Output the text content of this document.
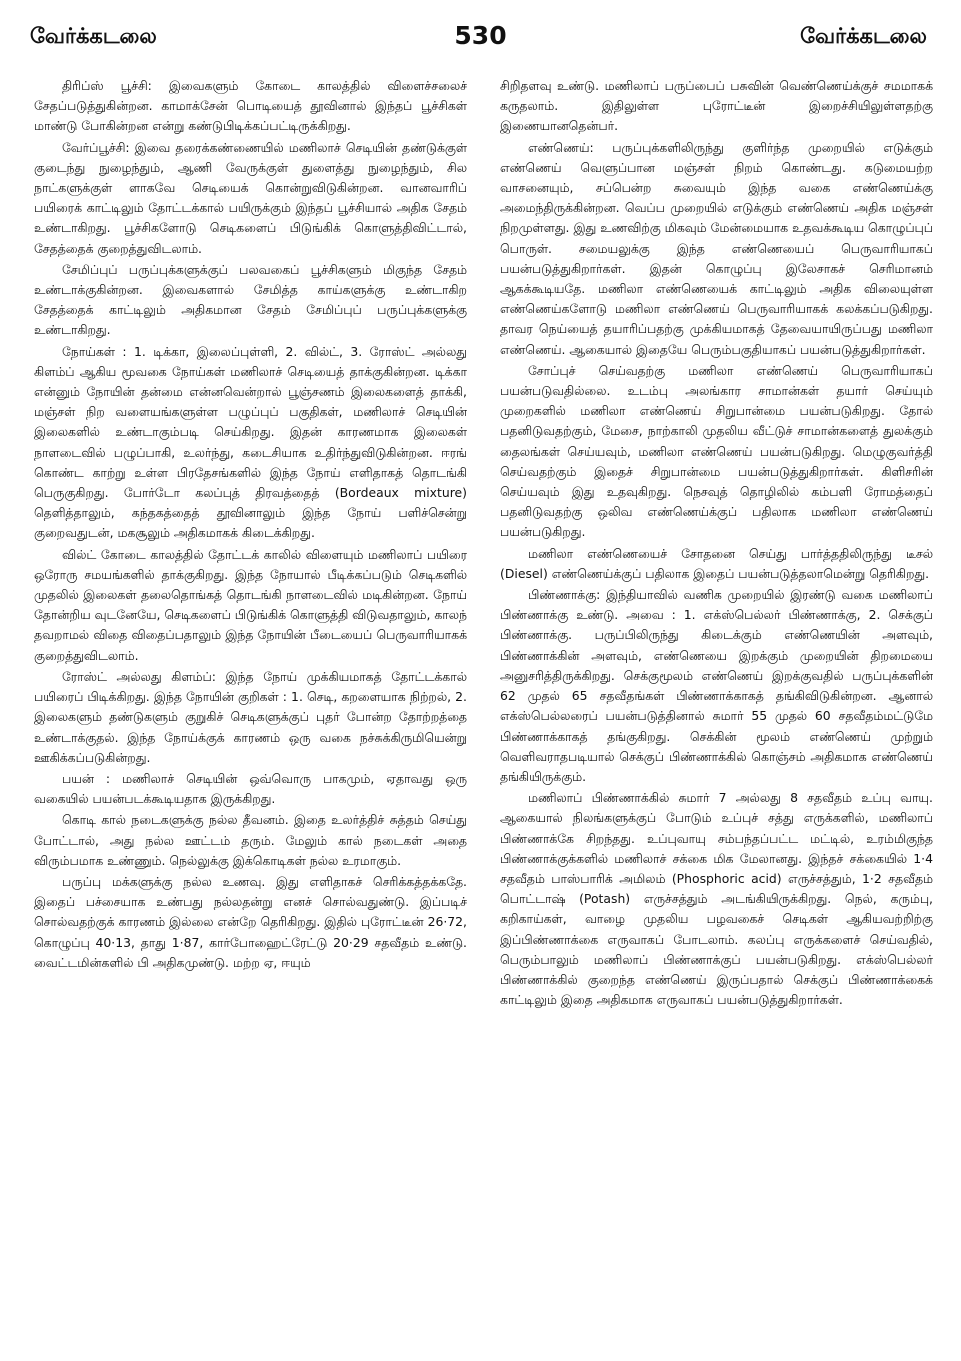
வேர்க்கடலை	530	வேர்க்கடலை

திரிப்ஸ் பூச்சி: இவைகளும் கோடை காலத்தில் விளைச்சலைச் சேதப்படுத்துகின்றன. காமாக்சேன் பொடியைத் தூவினால் இந்தப் பூச்சிகள் மாண்டு போகின்றன என்று கண்டுபிடிக்கப்பட்டிருக்கிறது.

வேர்ப்பூச்சி: இவை தரைக்கண்ணையில் மணிலாச் செடியின் தண்டுக்குள் குடைந்து நுழைந்தும், ஆணி வேருக்குள் துளைத்து நுழைந்தும், சில நாட்களுக்குள் ளாகவே செடியைக் கொன்றுவிடுகின்றன. வானவாரிப் பயிரைக் காட்டிலும் தோட்டக்கால் பயிருக்கும் இந்தப் பூச்சியால் அதிக சேதம் உண்டாகிறது. பூச்சிகளோடு செடிகளைப் பிடுங்கிக் கொளுத்திவிட்டால், சேதத்தைக் குறைத்துவிடலாம்.

சேமிப்புப் பருப்புக்களுக்குப் பலவகைப் பூச்சிகளும் மிகுந்த சேதம் உண்டாக்குகின்றன. இவைகளால் சேமித்த காய்களுக்கு உண்டாகிற சேதத்தைக் காட்டிலும் அதிகமான சேதம் சேமிப்புப் பருப்புக்களுக்கு உண்டாகிறது.

நோய்கள் : 1. டிக்கா, இலைப்புள்ளி, 2. வில்ட், 3. ரோஸ்ட் அல்லது கிளம்ப் ஆகிய மூவகை நோய்கள் மணிலாச் செடியைத் தாக்குகின்றன. டிக்கா என்னும் நோயின் தன்மை என்னவென்றால் பூஞ்சணம் இலைகளைத் தாக்கி, மஞ்சள் நிற வளையங்களுள்ள பழுப்புப் பகுதிகள், மணிலாச் செடியின் இலைகளில் உண்டாகும்படி செய்கிறது. இதன் காரணமாக இலைகள் நாளடைவில் பழுப்பாகி, உலர்ந்து, கடைசியாக உதிர்ந்துவிடுகின்றன. ஈரங் கொண்ட காற்று உள்ள பிரதேசங்களில் இந்த நோய் எளிதாகத் தொடங்கி பெருகுகிறது. போர்டோ கலப்புத் திரவத்தைத் (Bordeaux mixture) தெளித்தாலும், கந்தகத்தைத் தூவினாலும் இந்த நோய் பளிச்சென்று குறைவதுடன், மகசூலும் அதிகமாகக் கிடைக்கிறது.

வில்ட் கோடை காலத்தில் தோட்டக் காலில் விளையும் மணிலாப் பயிரை ஒரோரு சமயங்களில் தாக்குகிறது. இந்த நோயால் பீடிக்கப்படும் செடிகளில் முதலில் இலைகள் தலைதொங்கத் தொடங்கி நாளடைவில் மடிகின்றன. நோய் தோன்றிய வுடனேயே, செடிகளைப் பிடுங்கிக் கொளுத்தி விடுவதாலும், காலந் தவறாமல் விதை விதைப்பதாலும் இந்த நோயின் பீடையைப் பெருவாரியாகக் குறைத்துவிடலாம்.

ரோஸ்ட் அல்லது கிளம்ப்: இந்த நோய் முக்கியமாகத் தோட்டக்கால் பயிரைப் பிடிக்கிறது. இந்த நோயின் குறிகள் : 1. செடி, கறளையாக நிற்றல், 2. இலைகளும் தண்டுகளும் குறுகிச் செடிகளுக்குப் புதர் போன்ற தோற்றத்தை உண்டாக்குதல். இந்த நோய்க்குக் காரணம் ஒரு வகை நச்சுக்கிருமியென்று ஊகிக்கப்படுகின்றது.

பயன் : மணிலாச் செடியின் ஒவ்வொரு பாகமும், ஏதாவது ஒரு வகையில் பயன்படக்கூடியதாக இருக்கிறது.

கொடி கால் நடைகளுக்கு நல்ல தீவனம். இதை உலர்த்திச் சுத்தம் செய்து போட்டால், அது நல்ல ஊட்டம் தரும். மேலும் கால் நடைகள் அதை விரும்பமாக உண்ணும். நெல்லுக்கு இக்கொடிகள் நல்ல உரமாகும்.

பருப்பு மக்களுக்கு நல்ல உணவு. இது எளிதாகச் செரிக்கத்தக்கதே. இதைப் பச்சையாக உண்பது நல்லதன்று எனச் சொல்வதுண்டு. இப்படிச் சொல்வதற்குக் காரணம் இல்லை என்றே தெரிகிறது. இதில் புரோட்டீன் 26·72, கொழுப்பு 40·13, தாது 1·87, கார்போஹைட்ரேட்டு 20·29 சதவீதம் உண்டு. வைட்டமின்களில் பி அதிகமுண்டு. மற்ற ஏ, ஈயும்

சிறிதளவு உண்டு. மணிலாப் பருப்பைப் பசுவின் வெண்ணெய்க்குச் சமமாகக் கருதலாம். இதிலுள்ள புரோட்டீன் இறைச்சியிலுள்ளதற்கு இணையானதென்பர்.

எண்ணெய்: பருப்புக்களிலிருந்து குளிர்ந்த முறையில் எடுக்கும் எண்ணெய் வெளுப்பான மஞ்சள் நிறம் கொண்டது. கடுமையற்ற வாசனையும், சப்பென்ற சுவையும் இந்த வகை எண்ணெய்க்கு அமைந்திருக்கின்றன. வெப்ப முறையில் எடுக்கும் எண்ணெய் அதிக மஞ்சள் நிறமுள்ளது. இது உணவிற்கு மிகவும் மேன்மையாக உதவக்கூடிய கொழுப்புப் பொருள். சமையலுக்கு இந்த எண்ணெயைப் பெருவாரியாகப் பயன்படுத்துகிறார்கள். இதன் கொழுப்பு இலேசாகச் செரிமானம் ஆகக்கூடியதே. மணிலா எண்ணெயைக் காட்டிலும் அதிக விலையுள்ள எண்ணெய்களோடு மணிலா எண்ணெய் பெருவாரியாகக் கலக்கப்படுகிறது. தாவர நெய்யைத் தயாரிப்பதற்கு முக்கியமாகத் தேவையாயிருப்பது மணிலா எண்ணெய். ஆகையால் இதையே பெரும்பகுதியாகப் பயன்படுத்துகிறார்கள்.

சோப்புச் செய்வதற்கு மணிலா எண்ணெய் பெருவாரியாகப் பயன்படுவதில்லை. உடம்பு அலங்கார சாமான்கள் தயார் செய்யும் முறைகளில் மணிலா எண்ணெய் சிறுபான்மை பயன்படுகிறது. தோல் பதனிடுவதற்கும், மேசை, நாற்காலி முதலிய வீட்டுச் சாமான்களைத் துலக்கும் தைலங்கள் செய்யவும், மணிலா எண்ணெய் பயன்படுகிறது. மெழுகுவர்த்தி செய்வதற்கும் இதைச் சிறுபான்மை பயன்படுத்துகிறார்கள். கிளிசரின் செய்யவும் இது உதவுகிறது. நெசவுத் தொழிலில் கம்பளி ரோமத்தைப் பதனிடுவதற்கு ஒலிவ எண்ணெய்க்குப் பதிலாக மணிலா எண்ணெய் பயன்படுகிறது.

மணிலா எண்ணெயைச் சோதனை செய்து பார்த்ததிலிருந்து டீசல் (Diesel) எண்ணெய்க்குப் பதிலாக இதைப் பயன்படுத்தலாமென்று தெரிகிறது.

பிண்ணாக்கு: இந்தியாவில் வணிக முறையில் இரண்டு வகை மணிலாப் பிண்ணாக்கு உண்டு. அவை : 1. எக்ஸ்பெல்லர் பிண்ணாக்கு, 2. செக்குப் பிண்ணாக்கு. பருப்பிலிருந்து கிடைக்கும் எண்ணெயின் அளவும், பிண்ணாக்கின் அளவும், எண்ணெயை இறக்கும் முறையின் திறமையை அனுசரித்திருக்கிறது. செக்குமூலம் எண்ணெய் இறக்குவதில் பருப்புக்களின் 62 முதல் 65 சதவீதங்கள் பிண்ணாக்காகத் தங்கிவிடுகின்றன. ஆனால் எக்ஸ்பெல்லரைப் பயன்படுத்தினால் சுமார் 55 முதல் 60 சதவீதம்மட்டுமே பிண்ணாக்காகத் தங்குகிறது. செக்கின் மூலம் எண்ணெய் முற்றும் வெளிவராதபடியால் செக்குப் பிண்ணாக்கில் கொஞ்சம் அதிகமாக எண்ணெய் தங்கியிருக்கும்.

மணிலாப் பிண்ணாக்கில் சுமார் 7 அல்லது 8 சதவீதம் உப்பு வாயு. ஆகையால் நிலங்களுக்குப் போடும் உப்புச் சத்து எருக்களில், மணிலாப் பிண்ணாக்கே சிறந்தது. உப்புவாயு சம்பந்தப்பட்ட மட்டில், உரம்மிகுந்த பிண்ணாக்குக்களில் மணிலாச் சக்கை மிக மேலானது. இந்தச் சக்கையில் 1·4 சதவீதம் பாஸ்பாரிக் அமிலம் (Phosphoric acid) எருச்சத்தும், 1·2 சதவீதம் பொட்டாஷ் (Potash) எருச்சத்தும் அடங்கியிருக்கிறது. நெல், கரும்பு, கறிகாய்கள், வாழை முதலிய பழவகைச் செடிகள் ஆகியவற்றிற்கு இப்பிண்ணாக்கை எருவாகப் போடலாம். கலப்பு எருக்களைச் செய்வதில், பெரும்பாலும் மணிலாப் பிண்ணாக்குப் பயன்படுகிறது. எக்ஸ்பெல்லர் பிண்ணாக்கில் குறைந்த எண்ணெய் இருப்பதால் செக்குப் பிண்ணாக்கைக் காட்டிலும் இதை அதிகமாக எருவாகப் பயன்படுத்துகிறார்கள்.
